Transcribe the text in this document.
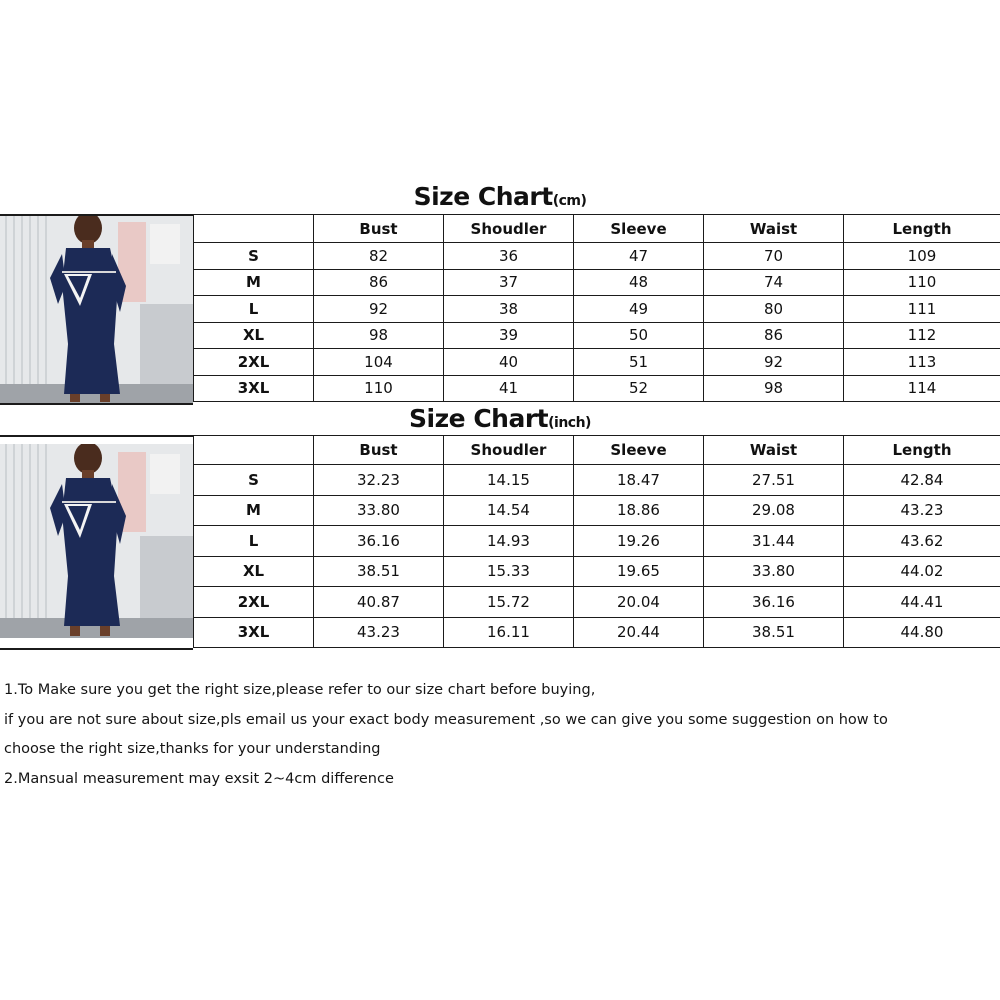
Size Chart(cm)
	Bust	Shoudler	Sleeve	Waist	Length
S	82	36	47	70	109
M	86	37	48	74	110
L	92	38	49	80	111
XL	98	39	50	86	112
2XL	104	40	51	92	113
3XL	110	41	52	98	114
Size Chart(inch)
	Bust	Shoudler	Sleeve	Waist	Length
S	32.23	14.15	18.47	27.51	42.84
M	33.80	14.54	18.86	29.08	43.23
L	36.16	14.93	19.26	31.44	43.62
XL	38.51	15.33	19.65	33.80	44.02
2XL	40.87	15.72	20.04	36.16	44.41
3XL	43.23	16.11	20.44	38.51	44.80

1.To Make sure you get the right size,please refer to our size chart before buying,

if you are not sure about size,pls email us your exact body measurement ,so we can give you some suggestion on how to

choose the right size,thanks for your understanding

2.Mansual measurement may exsit 2~4cm difference
